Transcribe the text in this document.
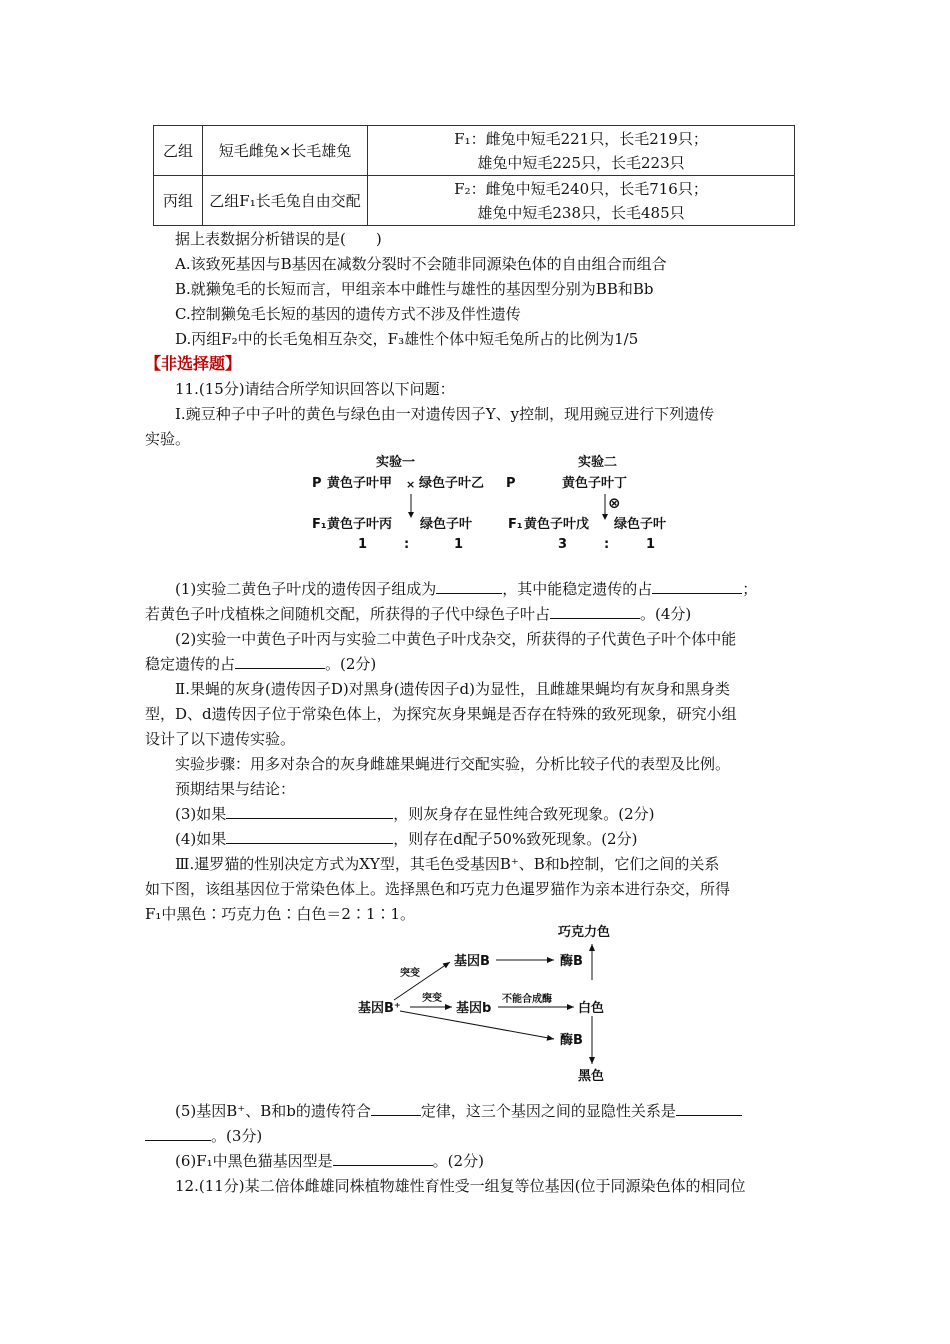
乙组	短毛雌兔×长毛雄兔	F₁：雌兔中短毛221只，长毛219只；
雄兔中短毛225只，长毛223只

丙组	乙组F₁长毛兔自由交配	F₂：雌兔中短毛240只，长毛716只；
雄兔中短毛238只，长毛485只
据上表数据分析错误的是(　　)
A.该致死基因与B基因在减数分裂时不会随非同源染色体的自由组合而组合
B.就獭兔毛的长短而言，甲组亲本中雌性与雄性的基因型分别为BB和Bb
C.控制獭兔毛长短的基因的遗传方式不涉及伴性遗传
D.丙组F₂中的长毛兔相互杂交，F₃雄性个体中短毛兔所占的比例为1/5
【非选择题】
11.(15分)请结合所学知识回答以下问题：
Ⅰ.豌豆种子中子叶的黄色与绿色由一对遗传因子Y、y控制，现用豌豆进行下列遗传
实验。
实验一
P 黄色子叶甲 × 绿色子叶乙
F₁ 黄色子叶丙 绿色子叶
1	:	1
实验二
P	黄色子叶丁
⊗
F₁ 黄色子叶戊 绿色子叶
3	:	1
(1)实验二黄色子叶戊的遗传因子组成为	，其中能稳定遗传的占	；
若黄色子叶戊植株之间随机交配，所获得的子代中绿色子叶占	。(4分)
(2)实验一中黄色子叶丙与实验二中黄色子叶戊杂交，所获得的子代黄色子叶个体中能
稳定遗传的占	。(2分)
Ⅱ.果蝇的灰身(遗传因子D)对黑身(遗传因子d)为显性，且雌雄果蝇均有灰身和黑身类
型，D、d遗传因子位于常染色体上，为探究灰身果蝇是否存在特殊的致死现象，研究小组
设计了以下遗传实验。
实验步骤：用多对杂合的灰身雌雄果蝇进行交配实验，分析比较子代的表型及比例。
预期结果与结论：
(3)如果	，则灰身存在显性纯合致死现象。(2分)
(4)如果	，则存在d配子50%致死现象。(2分)
Ⅲ.暹罗猫的性别决定方式为XY型，其毛色受基因B⁺、B和b控制，它们之间的关系
如下图，该组基因位于常染色体上。选择黑色和巧克力色暹罗猫作为亲本进行杂交，所得
F₁中黑色∶巧克力色∶白色＝2∶1∶1。
巧克力色
基因B	酶B
突变
基因B⁺
突变
基因b
不能合成酶
白色
酶B
黑色
(5)基因B⁺、B和b的遗传符合	定律，这三个基因之间的显隐性关系是
。(3分)
(6)F₁中黑色猫基因型是	。(2分)
12.(11分)某二倍体雌雄同株植物雄性育性受一组复等位基因(位于同源染色体的相同位
